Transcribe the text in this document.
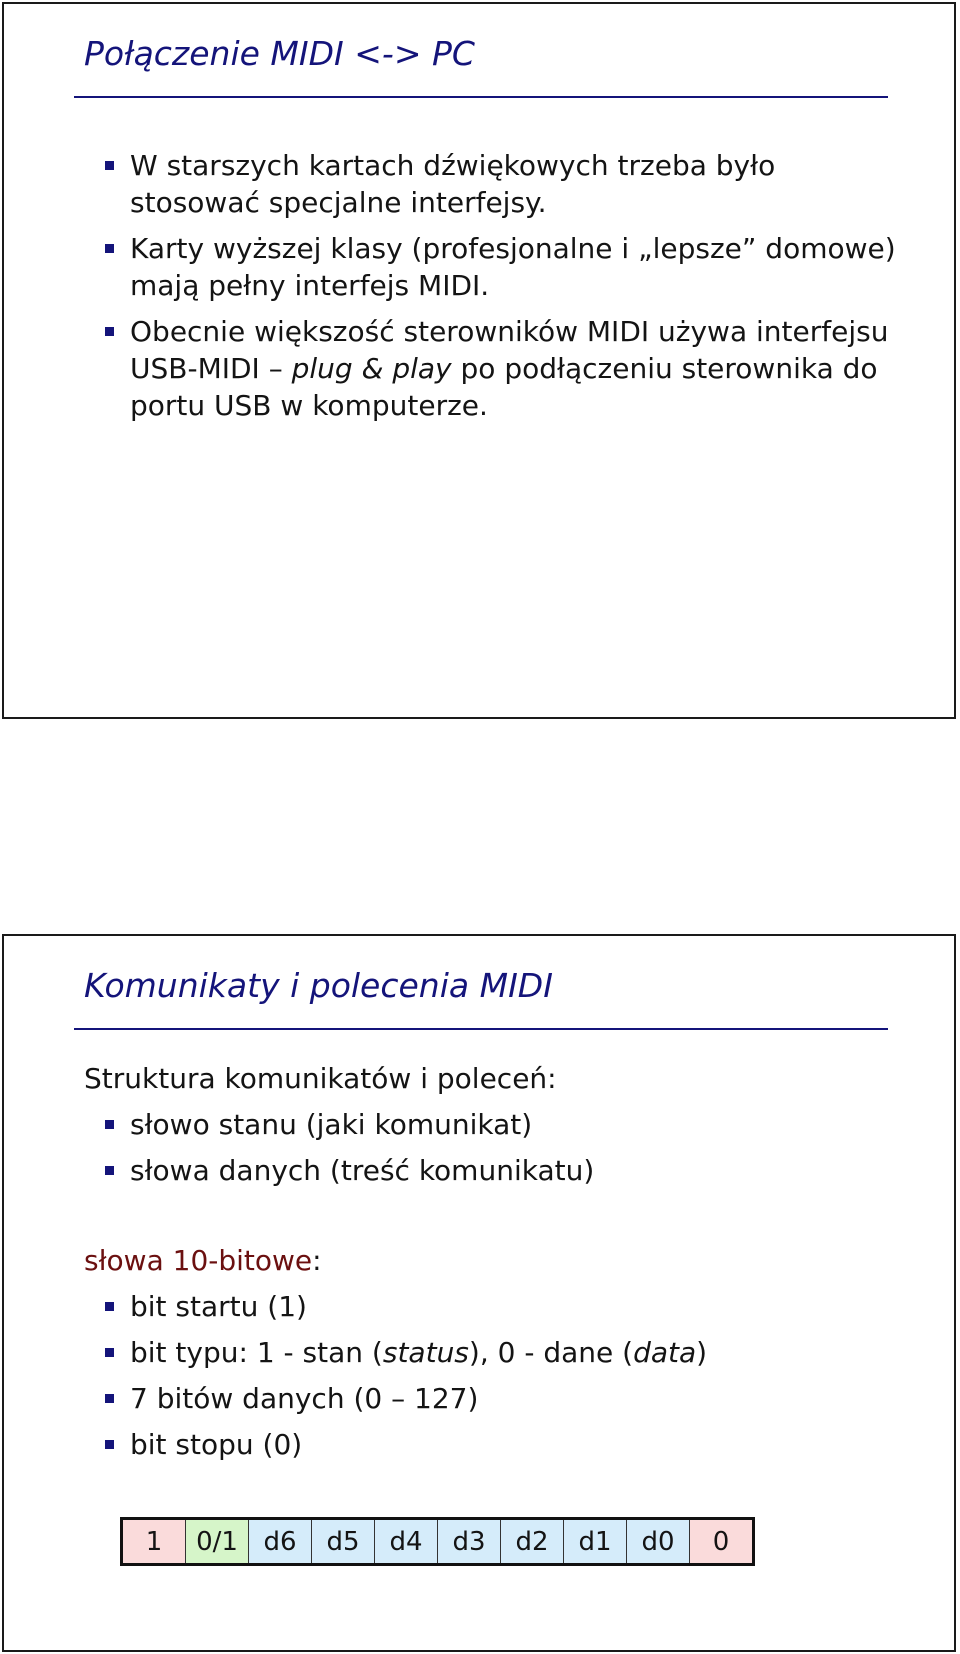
Połączenie MIDI <-> PC
W starszych kartach dźwiękowych trzeba było stosować specjalne interfejsy.
Karty wyższej klasy (profesjonalne i „lepsze” domowe) mają pełny interfejs MIDI.
Obecnie większość sterowników MIDI używa interfejsu USB-MIDI – plug & play po podłączeniu sterownika do portu USB w komputerze.
Komunikaty i polecenia MIDI
Struktura komunikatów i poleceń:
słowo stanu (jaki komunikat)
słowa danych (treść komunikatu)
słowa 10-bitowe:
bit startu (1)
bit typu: 1 - stan (status), 0 - dane (data)
7 bitów danych (0 – 127)
bit stopu (0)
1	0/1	d6	d5	d4	d3	d2	d1	d0	0
